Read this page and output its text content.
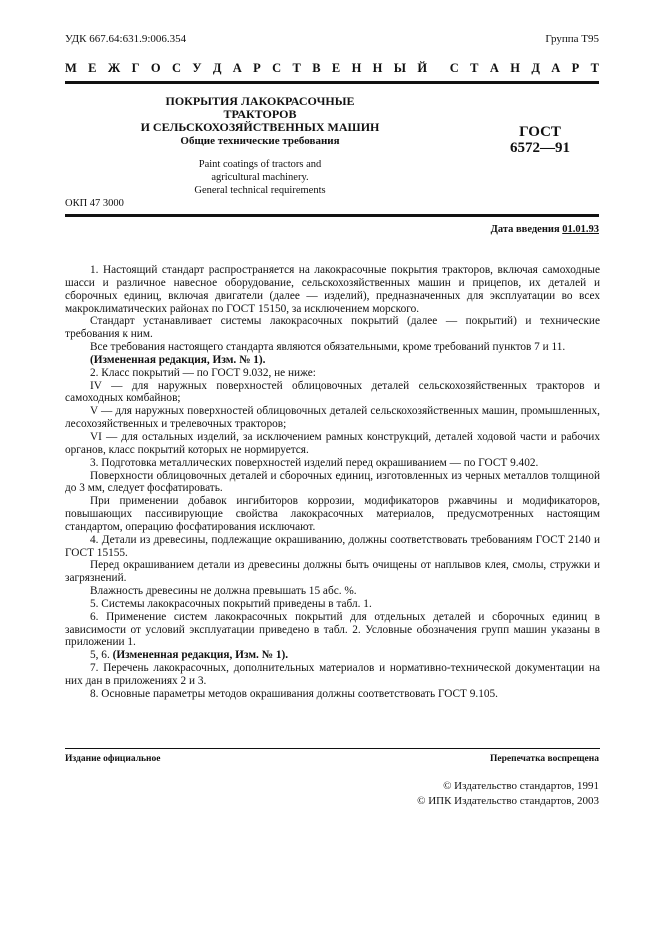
УДК 667.64:631.9:006.354	Группа Т95
М Е Ж Г О С У Д А Р С Т В Е Н Н Ы Й С Т А Н Д А Р Т
ПОКРЫТИЯ ЛАКОКРАСОЧНЫЕ ТРАКТОРОВ
И СЕЛЬСКОХОЗЯЙСТВЕННЫХ МАШИН
Общие технические требования
ГОСТ
6572—91
Paint coatings of tractors and
agricultural machinery.
General technical requirements
ОКП 47 3000
Дата введения 01.01.93

1. Настоящий стандарт распространяется на лакокрасочные покрытия тракторов, включая самоходные шасси и различное навесное оборудование, сельскохозяйственных машин и прицепов, их деталей и сборочных единиц, включая двигатели (далее — изделий), предназначенных для эксплуатации во всех макроклиматических районах по ГОСТ 15150, за исключением морского.

Стандарт устанавливает системы лакокрасочных покрытий (далее — покрытий) и технические требования к ним.

Все требования настоящего стандарта являются обязательными, кроме требований пунктов 7 и 11.

(Измененная редакция, Изм. № 1).

2. Класс покрытий — по ГОСТ 9.032, не ниже:

IV — для наружных поверхностей облицовочных деталей сельскохозяйственных тракторов и самоходных комбайнов;

V — для наружных поверхностей облицовочных деталей сельскохозяйственных машин, промышленных, лесохозяйственных и трелевочных тракторов;

VI — для остальных изделий, за исключением рамных конструкций, деталей ходовой части и рабочих органов, класс покрытий которых не нормируется.

3. Подготовка металлических поверхностей изделий перед окрашиванием — по ГОСТ 9.402.

Поверхности облицовочных деталей и сборочных единиц, изготовленных из черных металлов толщиной до 3 мм, следует фосфатировать.

При применении добавок ингибиторов коррозии, модификаторов ржавчины и модификаторов, повышающих пассивирующие свойства лакокрасочных материалов, предусмотренных настоящим стандартом, операцию фосфатирования исключают.

4. Детали из древесины, подлежащие окрашиванию, должны соответствовать требованиям ГОСТ 2140 и ГОСТ 15155.

Перед окрашиванием детали из древесины должны быть очищены от наплывов клея, смолы, стружки и загрязнений.

Влажность древесины не должна превышать 15 абс. %.

5. Системы лакокрасочных покрытий приведены в табл. 1.

6. Применение систем лакокрасочных покрытий для отдельных деталей и сборочных единиц в зависимости от условий эксплуатации приведено в табл. 2. Условные обозначения групп машин указаны в приложении 1.

5, 6. (Измененная редакция, Изм. № 1).

7. Перечень лакокрасочных, дополнительных материалов и нормативно-технической документации на них дан в приложениях 2 и 3.

8. Основные параметры методов окрашивания должны соответствовать ГОСТ 9.105.

Издание официальное	Перепечатка воспрещена
© Издательство стандартов, 1991
© ИПК Издательство стандартов, 2003
